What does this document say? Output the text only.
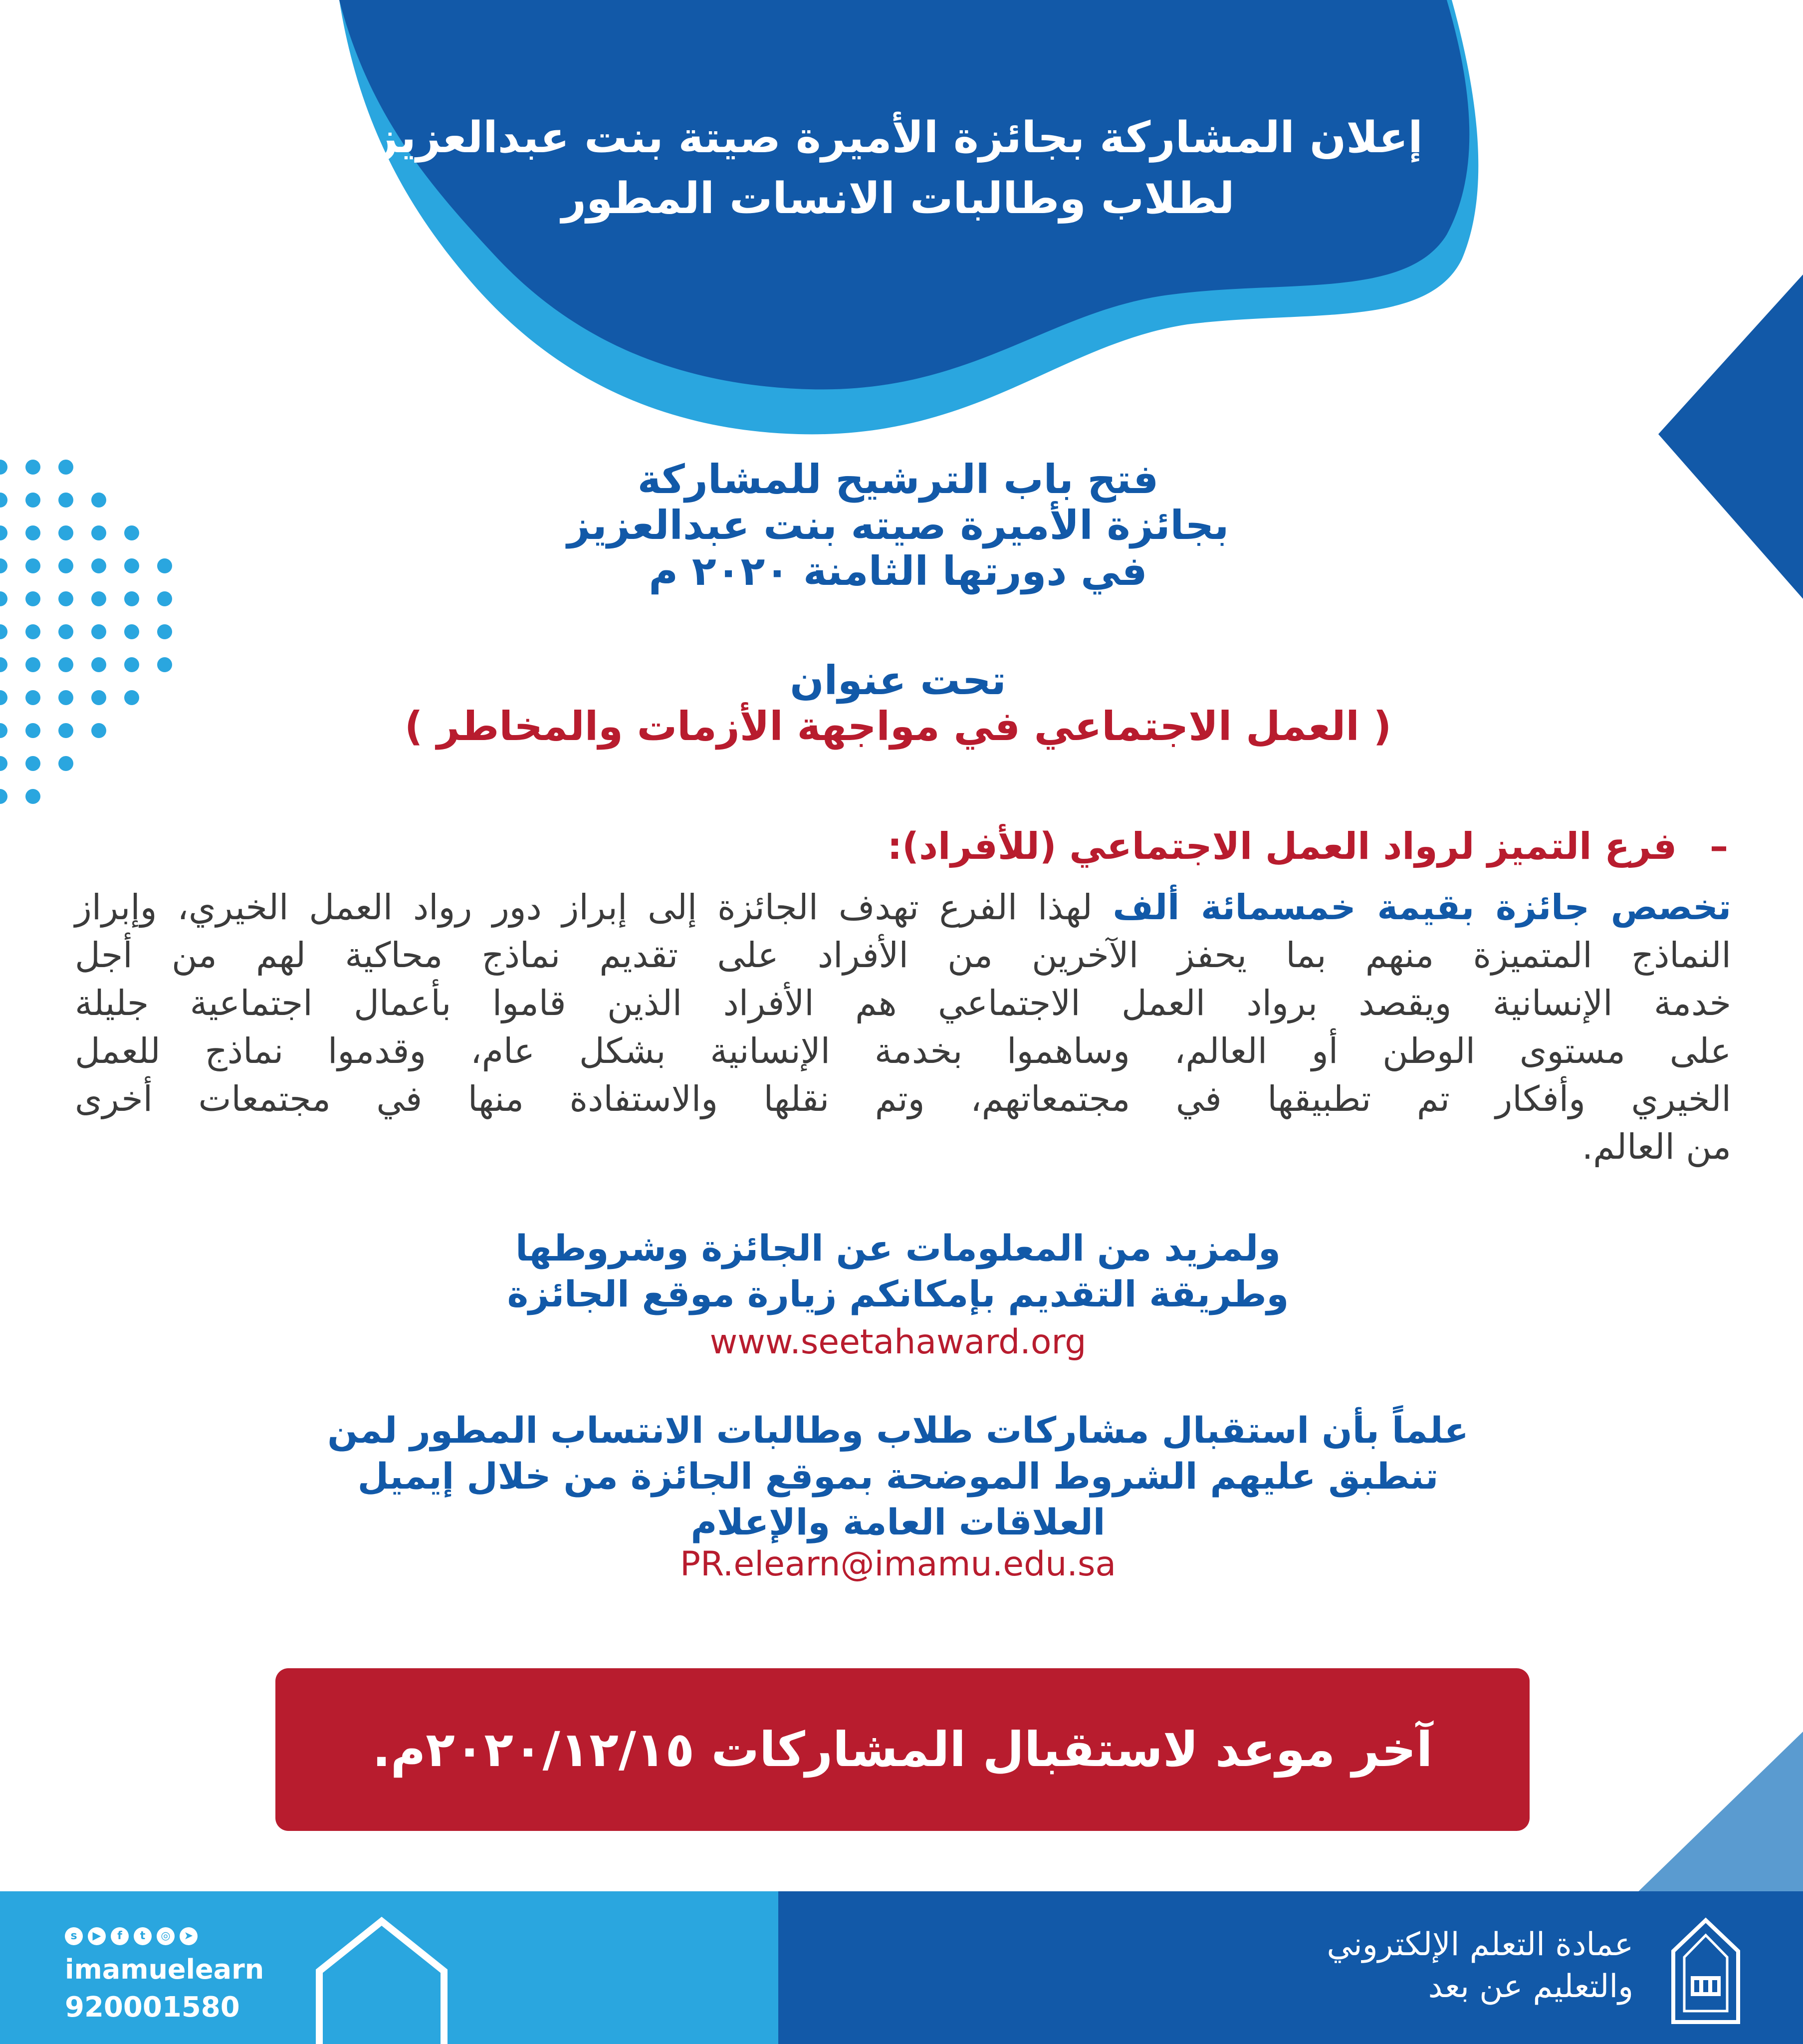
إعلان المشاركة بجائزة الأميرة صيتة بنت عبدالعزيز
لطلاب وطالبات الانسات المطور
فتح باب الترشيح للمشاركة
بجائزة الأميرة صيته بنت عبدالعزيز
في دورتها الثامنة ٢٠٢٠ م
تحت عنوان
( العمل الاجتماعي في مواجهة الأزمات والمخاطر )
– فرع التميز لرواد العمل الاجتماعي (للأفراد):
تخصص جائزة بقيمة خمسمائة ألف لهذا الفرع تهدف الجائزة إلى إبراز دور رواد العمل الخيري، وإبراز
النماذج المتميزة منهم بما يحفز الآخرين من الأفراد على تقديم نماذج محاكية لهم من أجل
خدمة الإنسانية ويقصد برواد العمل الاجتماعي هم الأفراد الذين قاموا بأعمال اجتماعية جليلة
على مستوى الوطن أو العالم، وساهموا بخدمة الإنسانية بشكل عام، وقدموا نماذج للعمل
الخيري وأفكار تم تطبيقها في مجتمعاتهم، وتم نقلها والاستفادة منها في مجتمعات أخرى
من العالم.
ولمزيد من المعلومات عن الجائزة وشروطها
وطريقة التقديم بإمكانكم زيارة موقع الجائزة
www.seetahaward.org
علماً بأن استقبال مشاركات طلاب وطالبات الانتساب المطور لمن
تنطبق عليهم الشروط الموضحة بموقع الجائزة من خلال إيميل
العلاقات العامة والإعلام
PR.elearn@imamu.edu.sa
آخر موعد لاستقبال المشاركات ٢٠٢٠/١٢/١٥م.
s	▶	f	t	◎	➤
imamuelearn
920001580
عمادة التعلم الإلكتروني
والتعليم عن بعد
